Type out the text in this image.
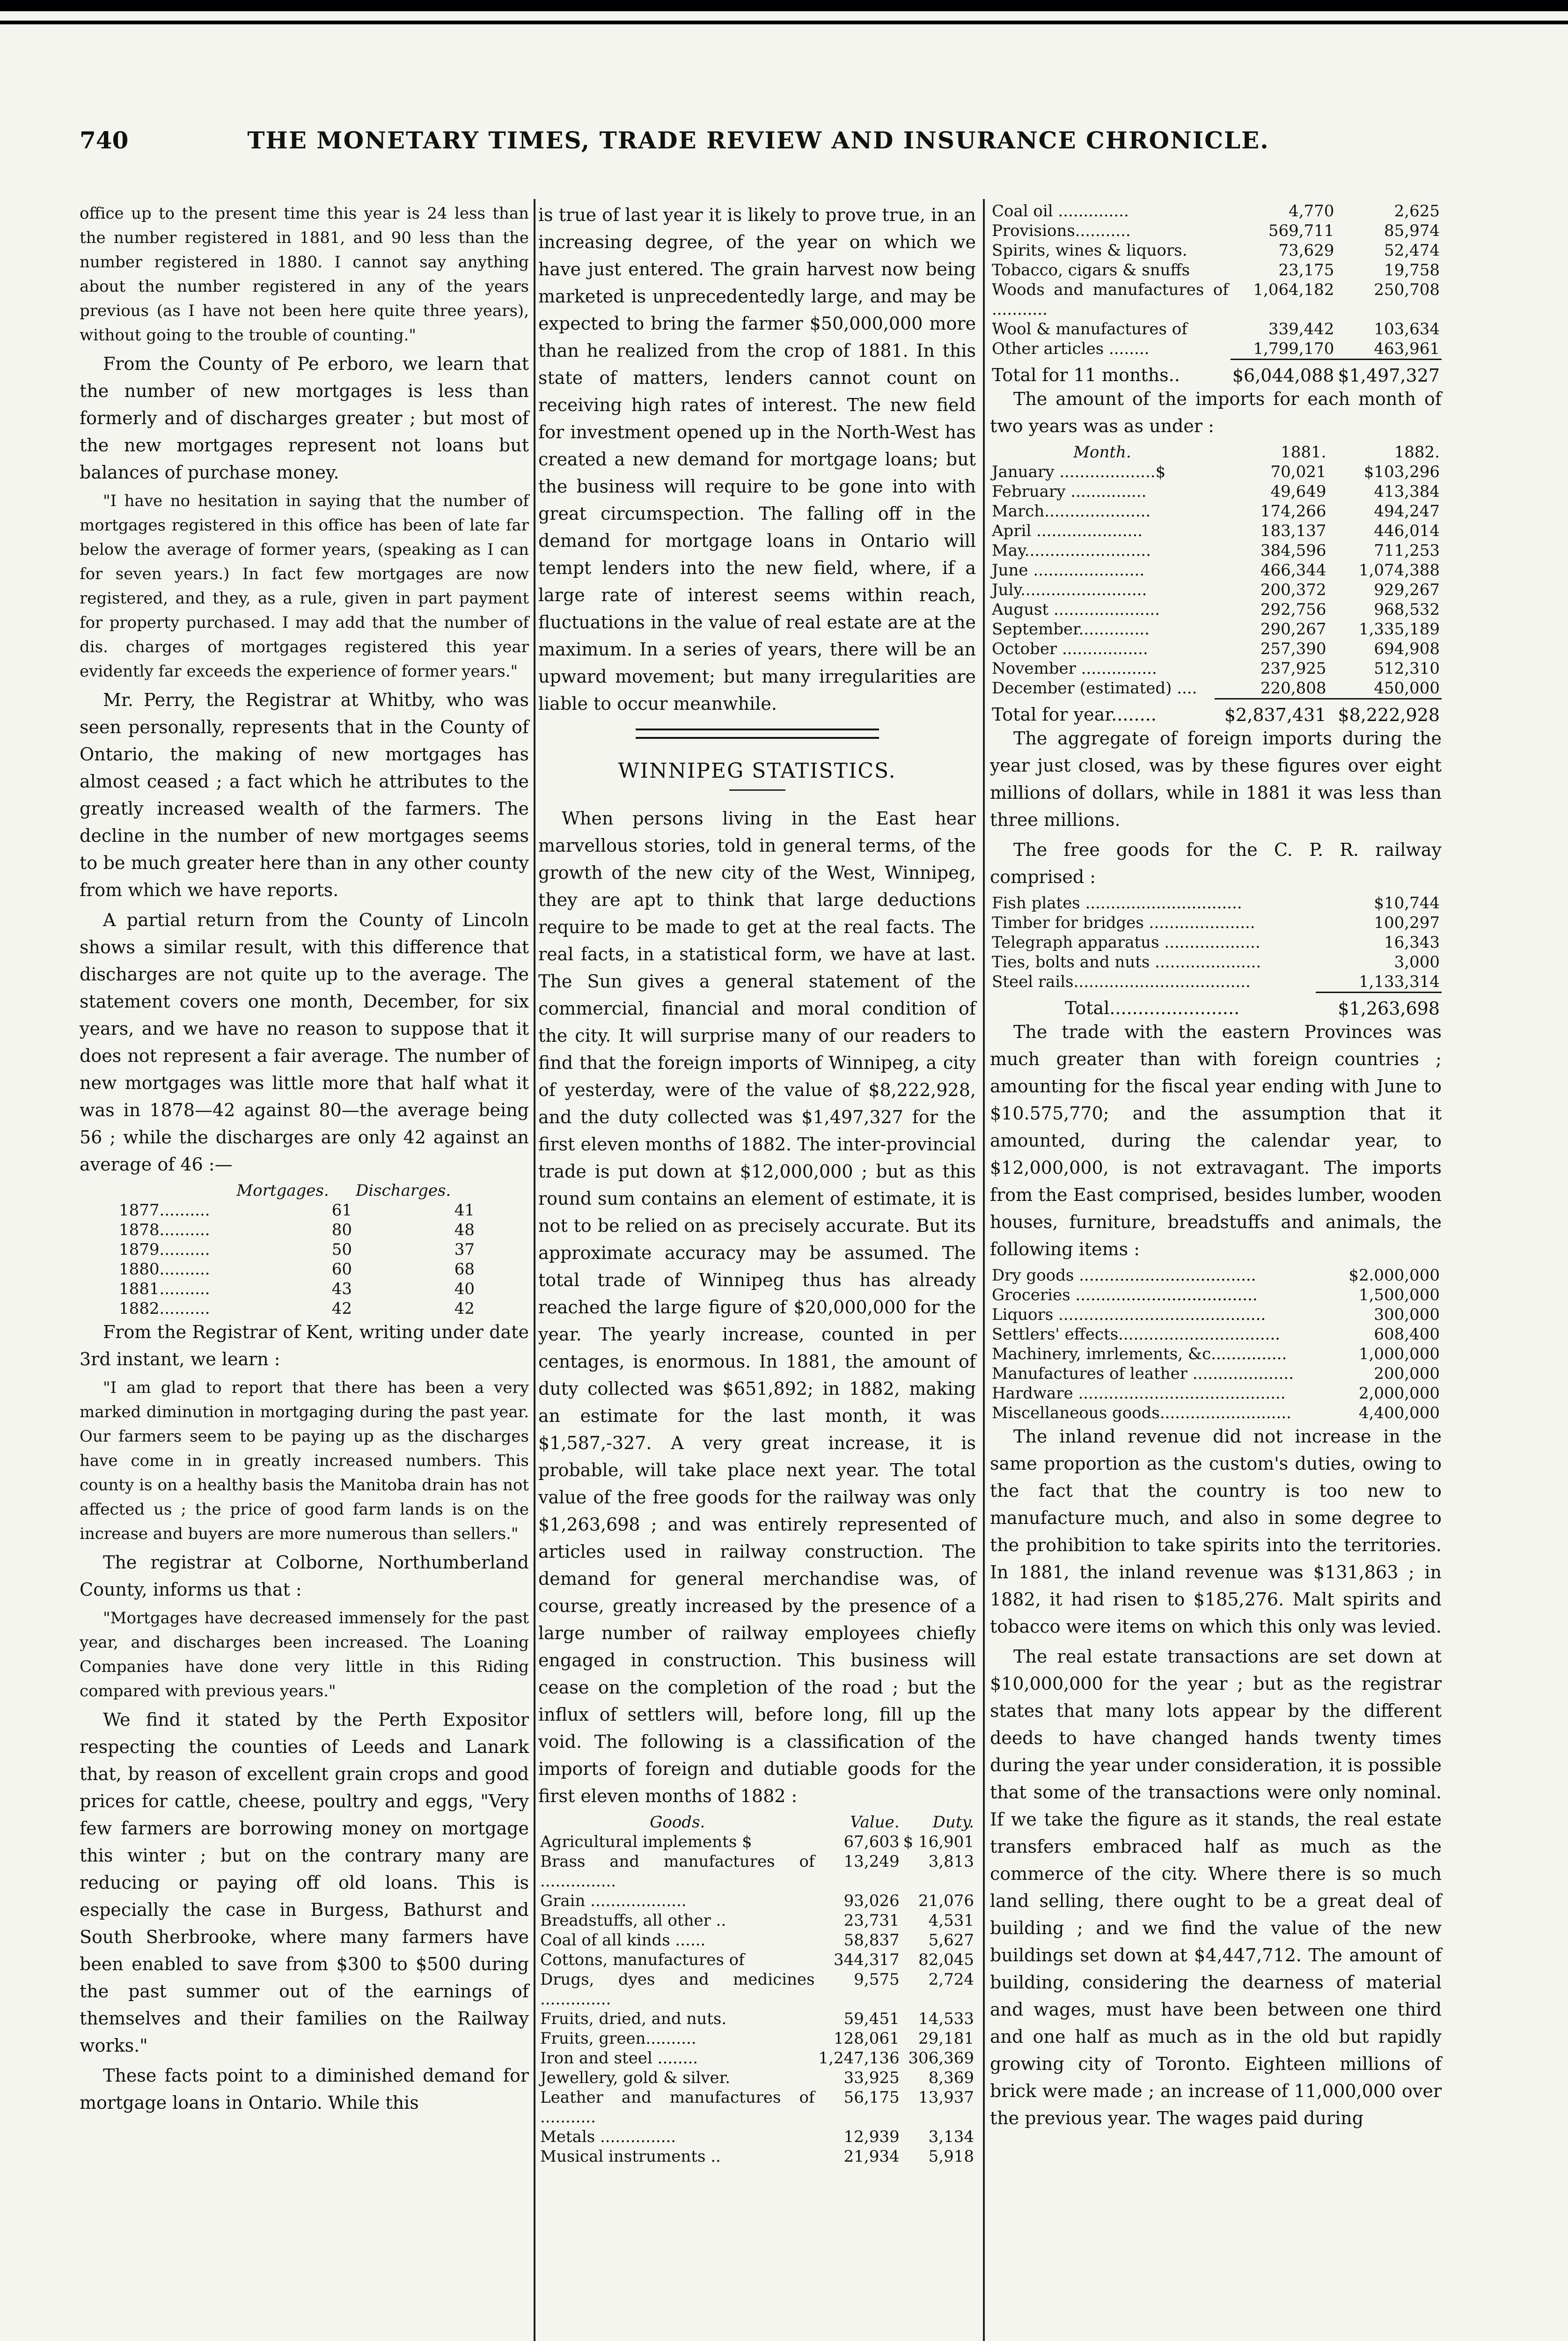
740	THE MONETARY TIMES, TRADE REVIEW AND INSURANCE CHRONICLE.

office up to the present time this year is 24 less than the number registered in 1881, and 90 less than the number registered in 1880. I cannot say anything about the number registered in any of the years previous (as I have not been here quite three years), without going to the trouble of counting."

From the County of Pe erboro, we learn that the number of new mortgages is less than formerly and of discharges greater ; but most of the new mortgages represent not loans but balances of purchase money.

"I have no hesitation in saying that the number of mortgages registered in this office has been of late far below the average of former years, (speaking as I can for seven years.) In fact few mortgages are now registered, and they, as a rule, given in part payment for property purchased. I may add that the number of dis. charges of mortgages registered this year evidently far exceeds the experience of former years."

Mr. Perry, the Registrar at Whitby, who was seen personally, represents that in the County of Ontario, the making of new mortgages has almost ceased ; a fact which he attributes to the greatly increased wealth of the farmers. The decline in the number of new mortgages seems to be much greater here than in any other county from which we have reports.

A partial return from the County of Lincoln shows a similar result, with this difference that discharges are not quite up to the average. The statement covers one month, December, for six years, and we have no reason to suppose that it does not represent a fair average. The number of new mortgages was little more that half what it was in 1878—42 against 80—the average being 56 ; while the discharges are only 42 against an average of 46 :—

	Mortgages.	Discharges.
1877..........	61	41
1878..........	80	48
1879..........	50	37
1880..........	60	68
1881..........	43	40
1882..........	42	42

From the Registrar of Kent, writing under date 3rd instant, we learn :

"I am glad to report that there has been a very marked diminution in mortgaging during the past year. Our farmers seem to be paying up as the discharges have come in in greatly increased numbers. This county is on a healthy basis the Manitoba drain has not affected us ; the price of good farm lands is on the increase and buyers are more numerous than sellers."

The registrar at Colborne, Northumberland County, informs us that :

"Mortgages have decreased immensely for the past year, and discharges been increased. The Loaning Companies have done very little in this Riding compared with previous years."

We find it stated by the Perth Expositor respecting the counties of Leeds and Lanark that, by reason of excellent grain crops and good prices for cattle, cheese, poultry and eggs, "Very few farmers are borrowing money on mortgage this winter ; but on the contrary many are reducing or paying off old loans. This is especially the case in Burgess, Bathurst and South Sherbrooke, where many farmers have been enabled to save from $300 to $500 during the past summer out of the earnings of themselves and their families on the Railway works."

These facts point to a diminished demand for mortgage loans in Ontario. While this

is true of last year it is likely to prove true, in an increasing degree, of the year on which we have just entered. The grain harvest now being marketed is unprecedentedly large, and may be expected to bring the farmer $50,000,000 more than he realized from the crop of 1881. In this state of matters, lenders cannot count on receiving high rates of interest. The new field for investment opened up in the North-West has created a new demand for mortgage loans; but the business will require to be gone into with great circumspection. The falling off in the demand for mortgage loans in Ontario will tempt lenders into the new field, where, if a large rate of interest seems within reach, fluctuations in the value of real estate are at the maximum. In a series of years, there will be an upward movement; but many irregularities are liable to occur meanwhile.

WINNIPEG STATISTICS.

When persons living in the East hear marvellous stories, told in general terms, of the growth of the new city of the West, Winnipeg, they are apt to think that large deductions require to be made to get at the real facts. The real facts, in a statistical form, we have at last. The Sun gives a general statement of the commercial, financial and moral condition of the city. It will surprise many of our readers to find that the foreign imports of Winnipeg, a city of yesterday, were of the value of $8,222,928, and the duty collected was $1,497,327 for the first eleven months of 1882. The inter-provincial trade is put down at $12,000,000 ; but as this round sum contains an element of estimate, it is not to be relied on as precisely accurate. But its approximate accuracy may be assumed. The total trade of Winnipeg thus has already reached the large figure of $20,000,000 for the year. The yearly increase, counted in per centages, is enormous. In 1881, the amount of duty collected was $651,892; in 1882, making an estimate for the last month, it was $1,587,-327. A very great increase, it is probable, will take place next year. The total value of the free goods for the railway was only $1,263,698 ; and was entirely represented of articles used in railway construction. The demand for general merchandise was, of course, greatly increased by the presence of a large number of railway employees chiefly engaged in construction. This business will cease on the completion of the road ; but the influx of settlers will, before long, fill up the void. The following is a classification of the imports of foreign and dutiable goods for the first eleven months of 1882 :

Goods.	Value.	Duty.
Agricultural implements $	67,603	$ 16,901
Brass and manufactures of ...............	13,249	3,813
Grain ...................	93,026	21,076
Breadstuffs, all other ..	23,731	4,531
Coal of all kinds ......	58,837	5,627
Cottons, manufactures of	344,317	82,045
Drugs, dyes and medicines ..............	9,575	2,724
Fruits, dried, and nuts.	59,451	14,533
Fruits, green..........	128,061	29,181
Iron and steel ........	1,247,136	306,369
Jewellery, gold & silver.	33,925	8,369
Leather and manufactures of ...........	56,175	13,937
Metals ...............	12,939	3,134
Musical instruments ..	21,934	5,918
Coal oil ..............	4,770	2,625
Provisions...........	569,711	85,974
Spirits, wines & liquors.	73,629	52,474
Tobacco, cigars & snuffs	23,175	19,758
Woods and manufactures of ...........	1,064,182	250,708
Wool & manufactures of	339,442	103,634
Other articles ........	1,799,170	463,961
Total for 11 months..	$6,044,088	$1,497,327

The amount of the imports for each month of two years was as under :

Month.	1881.	1882.
January ...................$	70,021	$103,296
February ...............	49,649	413,384
March.....................	174,266	494,247
April .....................	183,137	446,014
May.........................	384,596	711,253
June ......................	466,344	1,074,388
July.........................	200,372	929,267
August .....................	292,756	968,532
September..............	290,267	1,335,189
October .................	257,390	694,908
November ...............	237,925	512,310
December (estimated) ....	220,808	450,000
Total for year........	$2,837,431	$8,222,928

The aggregate of foreign imports during the year just closed, was by these figures over eight millions of dollars, while in 1881 it was less than three millions.

The free goods for the C. P. R. railway comprised :

Fish plates ...............................	$10,744
Timber for bridges .....................	100,297
Telegraph apparatus ...................	16,343
Ties, bolts and nuts .....................	3,000
Steel rails...................................	1,133,314
Total.......................	$1,263,698

The trade with the eastern Provinces was much greater than with foreign countries ; amounting for the fiscal year ending with June to $10.575,770; and the assumption that it amounted, during the calendar year, to $12,000,000, is not extravagant. The imports from the East comprised, besides lumber, wooden houses, furniture, breadstuffs and animals, the following items :

Dry goods ...................................	$2.000,000
Groceries ....................................	1,500,000
Liquors .........................................	300,000
Settlers' effects................................	608,400
Machinery, imrlements, &c...............	1,000,000
Manufactures of leather ....................	200,000
Hardware .........................................	2,000,000
Miscellaneous goods..........................	4,400,000

The inland revenue did not increase in the same proportion as the custom's duties, owing to the fact that the country is too new to manufacture much, and also in some degree to the prohibition to take spirits into the territories. In 1881, the inland revenue was $131,863 ; in 1882, it had risen to $185,276. Malt spirits and tobacco were items on which this only was levied.

The real estate transactions are set down at $10,000,000 for the year ; but as the registrar states that many lots appear by the different deeds to have changed hands twenty times during the year under consideration, it is possible that some of the transactions were only nominal. If we take the figure as it stands, the real estate transfers embraced half as much as the commerce of the city. Where there is so much land selling, there ought to be a great deal of building ; and we find the value of the new buildings set down at $4,447,712. The amount of building, considering the dearness of material and wages, must have been between one third and one half as much as in the old but rapidly growing city of Toronto. Eighteen millions of brick were made ; an increase of 11,000,000 over the previous year. The wages paid during
